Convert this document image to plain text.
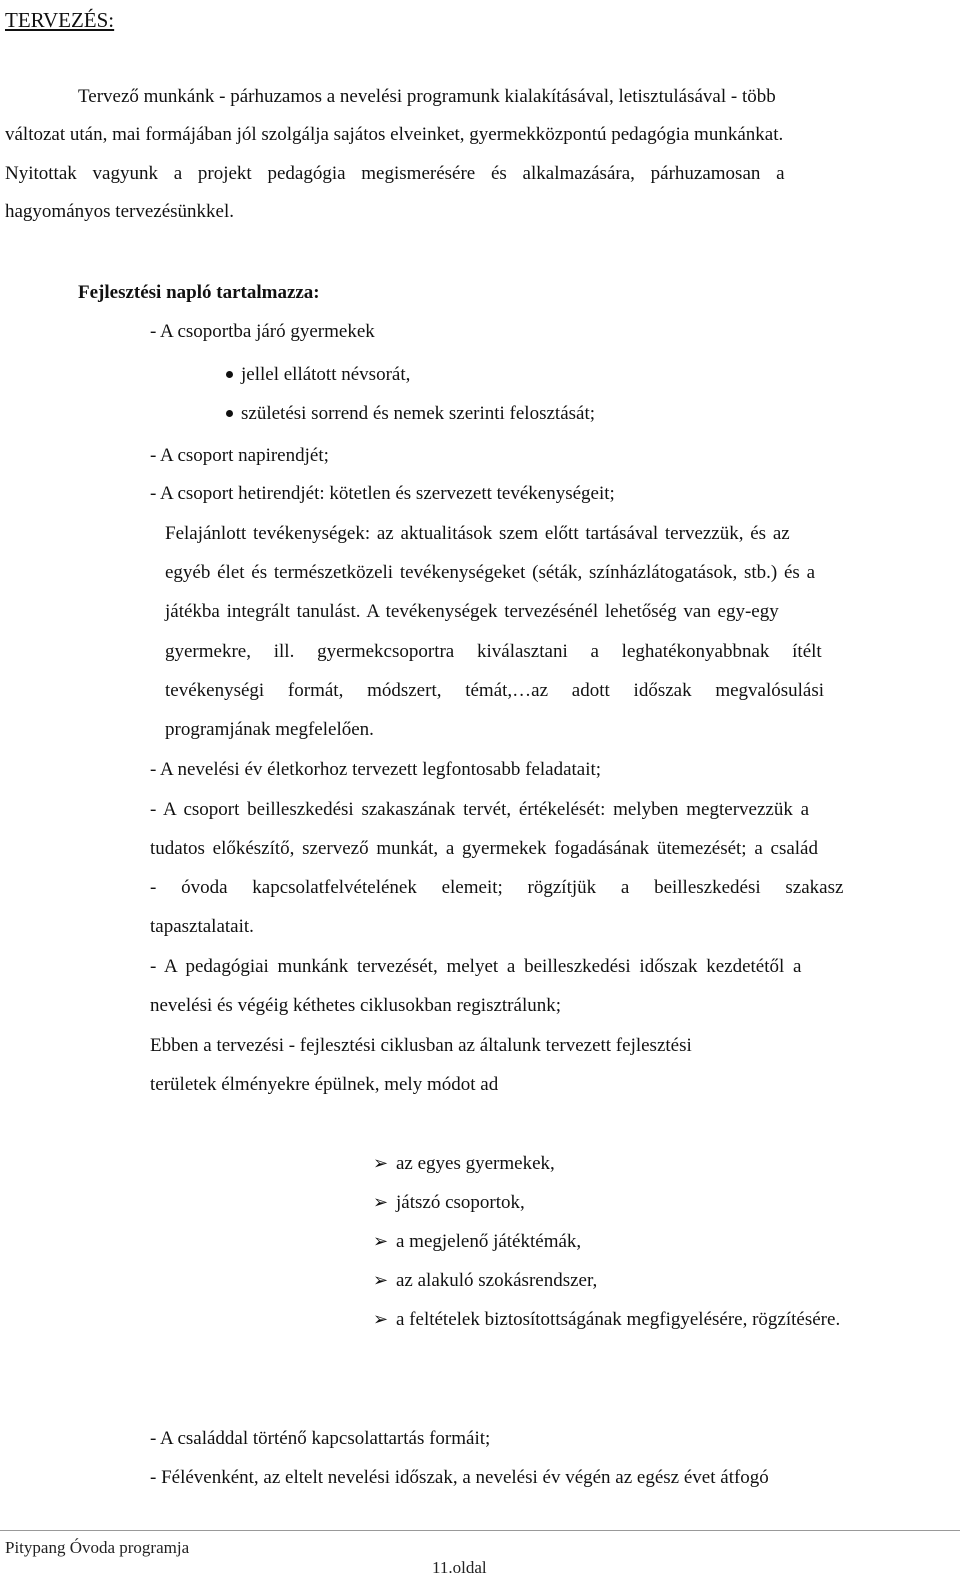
TERVEZÉS:
Tervező munkánk - párhuzamos a nevelési programunk kialakításával, letisztulásával - több
változat után, mai formájában jól szolgálja sajátos elveinket, gyermekközpontú pedagógia munkánkat.
Nyitottak vagyunk a projekt pedagógia megismerésére és alkalmazására, párhuzamosan a
hagyományos tervezésünkkel.
Fejlesztési napló tartalmazza:
- A csoportba járó gyermekek
jellel ellátott névsorát,
születési sorrend és nemek szerinti felosztását;
- A csoport napirendjét;
- A csoport hetirendjét: kötetlen és szervezett tevékenységeit;
Felajánlott tevékenységek: az aktualitások szem előtt tartásával tervezzük, és az
egyéb élet és természetközeli tevékenységeket (séták, színházlátogatások, stb.) és a
játékba integrált tanulást. A tevékenységek tervezésénél lehetőség van egy-egy
gyermekre, ill. gyermekcsoportra kiválasztani a leghatékonyabbnak ítélt
tevékenységi formát, módszert, témát,…az adott időszak megvalósulási
programjának megfelelően.
- A nevelési év életkorhoz tervezett legfontosabb feladatait;
- A csoport beilleszkedési szakaszának tervét, értékelését: melyben megtervezzük a
tudatos előkészítő, szervező munkát, a gyermekek fogadásának ütemezését; a család
- óvoda kapcsolatfelvételének elemeit; rögzítjük a beilleszkedési szakasz
tapasztalatait.
- A pedagógiai munkánk tervezését, melyet a beilleszkedési időszak kezdetétől a
nevelési és végéig kéthetes ciklusokban regisztrálunk;
Ebben a tervezési - fejlesztési ciklusban az általunk tervezett fejlesztési
területek élményekre épülnek, mely módot ad
➢ az egyes gyermekek,
➢ játszó csoportok,
➢ a megjelenő játéktémák,
➢ az alakuló szokásrendszer,
➢ a feltételek biztosítottságának megfigyelésére, rögzítésére.
- A családdal történő kapcsolattartás formáit;
- Félévenként, az eltelt nevelési időszak, a nevelési év végén az egész évet átfogó
Pitypang Óvoda programja
11.oldal
